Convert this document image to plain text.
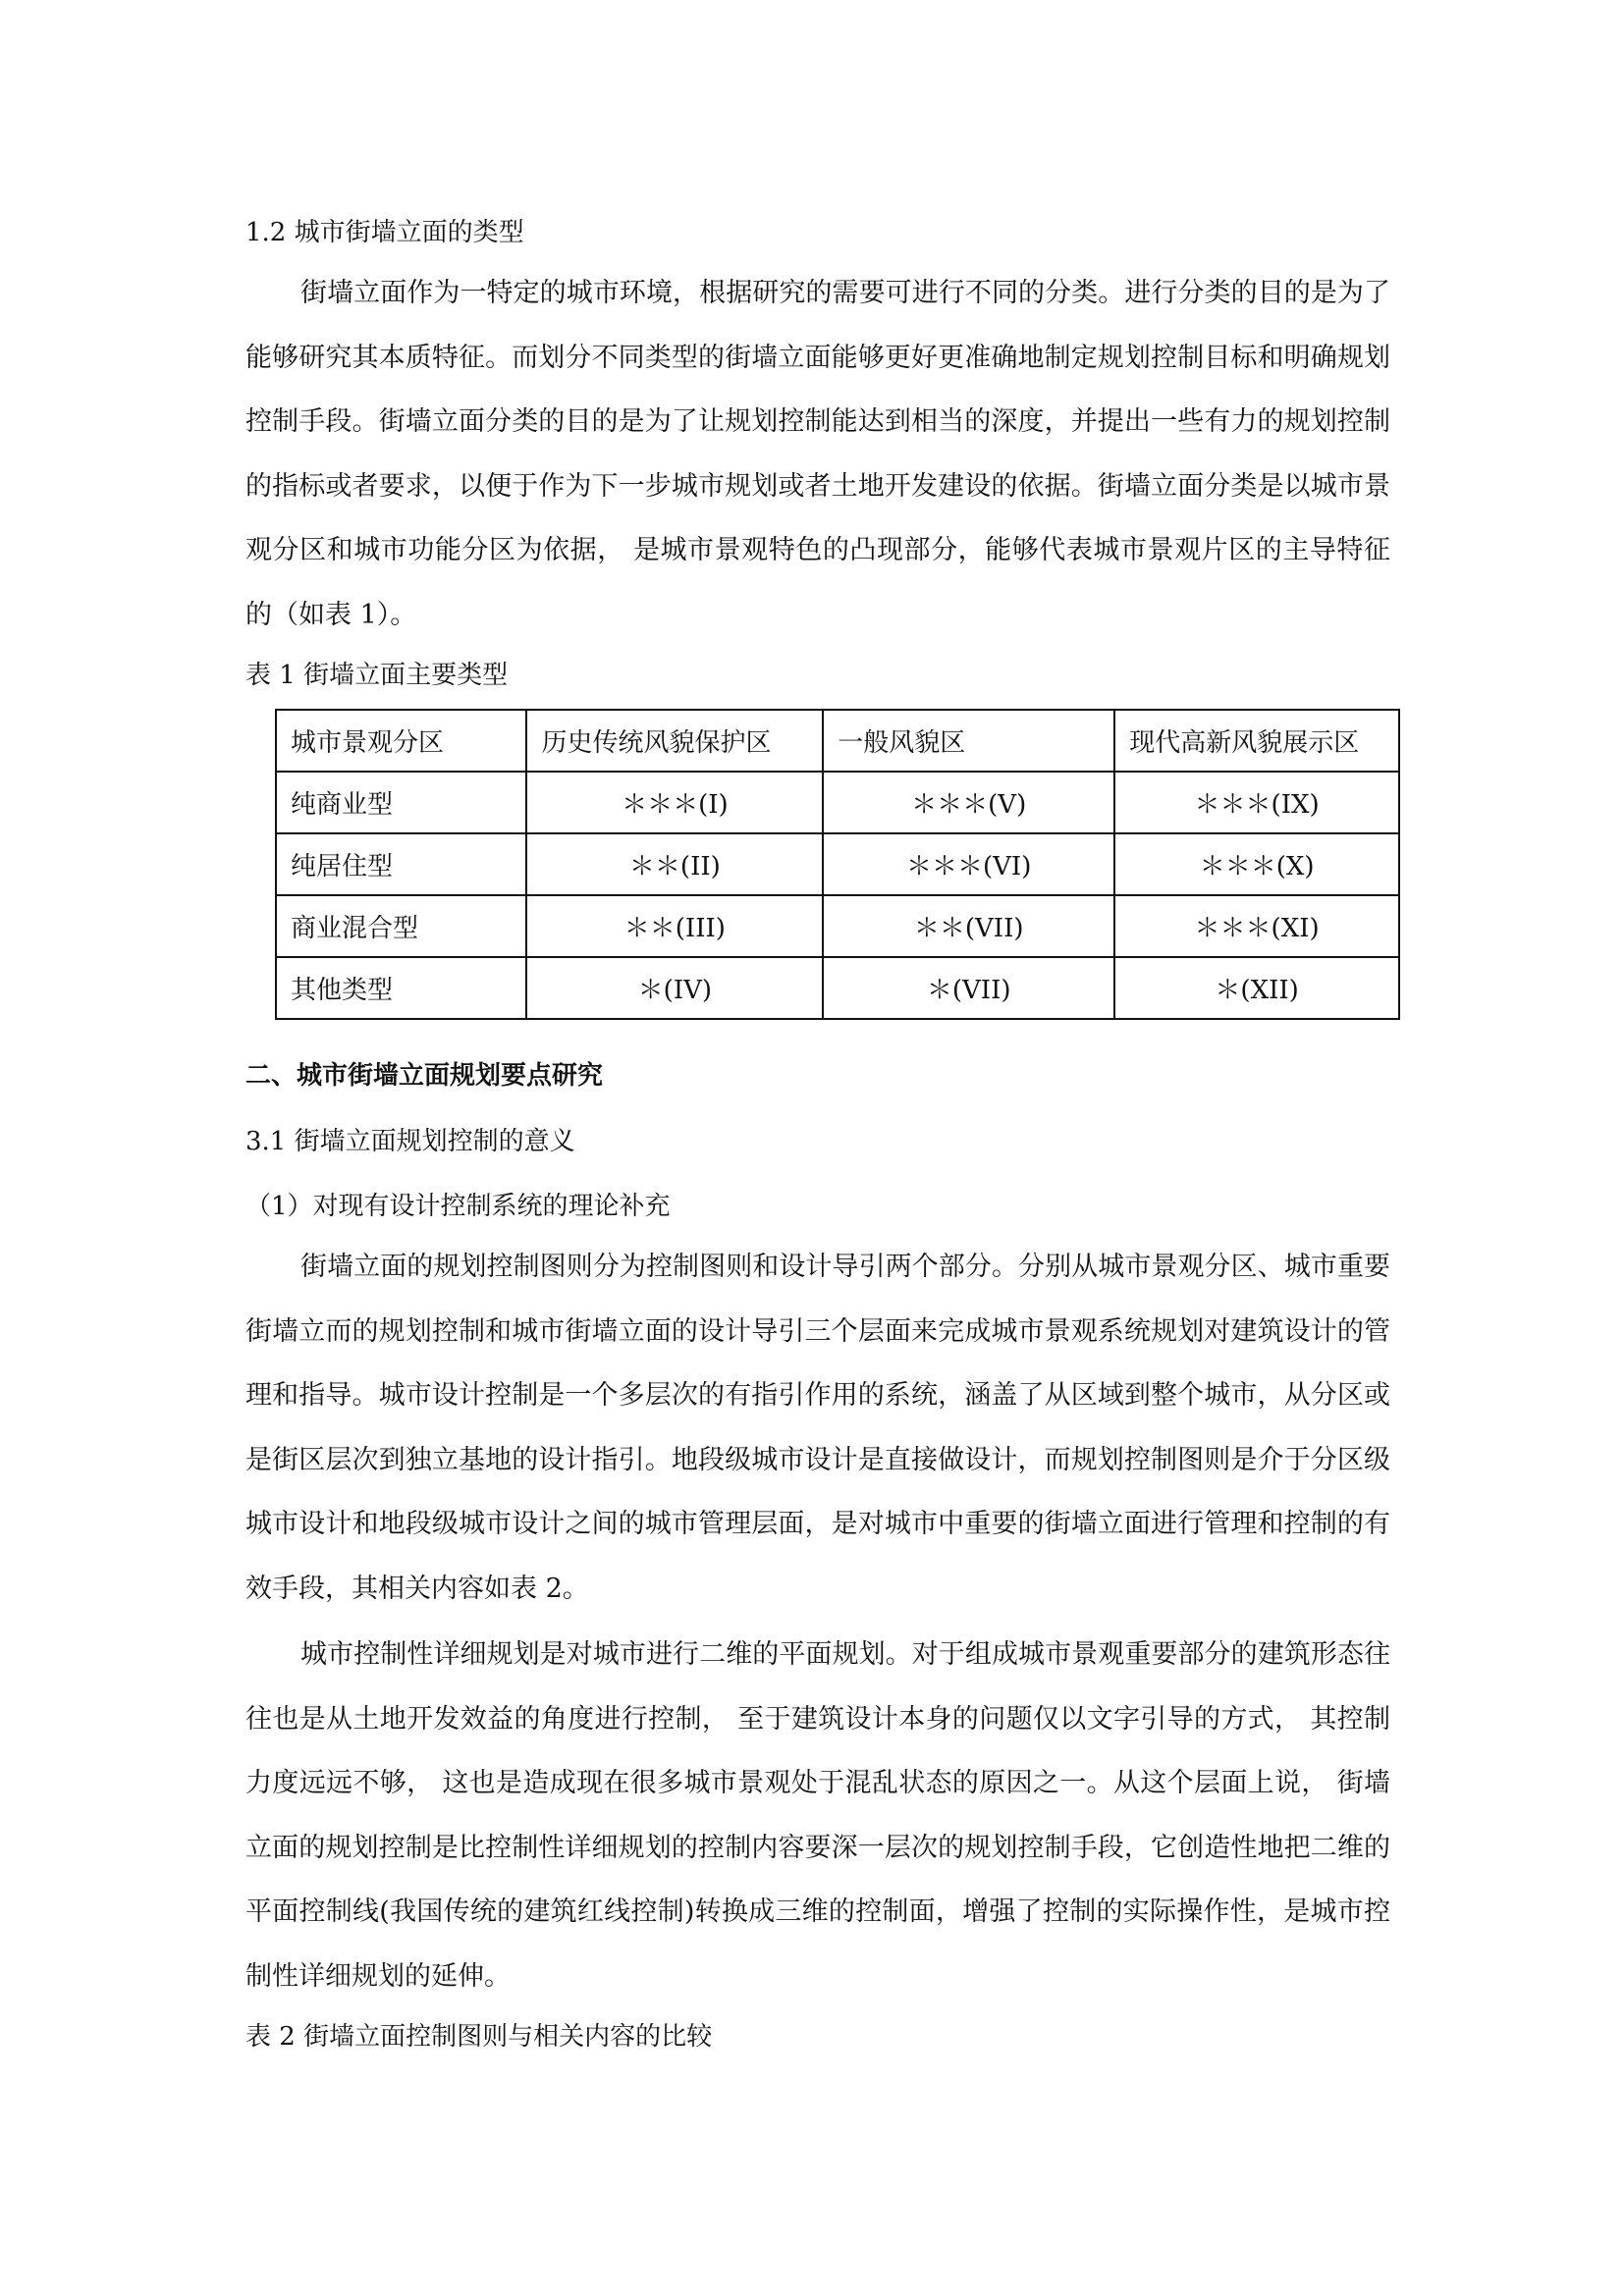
1.2 城市街墙立面的类型
街墙立面作为一特定的城市环境，根据研究的需要可进行不同的分类。进行分类的目的是为了能够研究其本质特征。而划分不同类型的街墙立面能够更好更准确地制定规划控制目标和明确规划控制手段。街墙立面分类的目的是为了让规划控制能达到相当的深度，并提出一些有力的规划控制的指标或者要求，以便于作为下一步城市规划或者土地开发建设的依据。街墙立面分类是以城市景观分区和城市功能分区为依据， 是城市景观特色的凸现部分，能够代表城市景观片区的主导特征的（如表 1）。
表 1 街墙立面主要类型
城市景观分区	历史传统风貌保护区	一般风貌区	现代高新风貌展示区
纯商业型	＊＊＊(I)	＊＊＊(V)	＊＊＊(IX)
纯居住型	＊＊(II)	＊＊＊(VI)	＊＊＊(X)
商业混合型	＊＊(III)	＊＊(VII)	＊＊＊(XI)
其他类型	＊(IV)	＊(VII)	＊(XII)
二、城市街墙立面规划要点研究
3.1 街墙立面规划控制的意义
（1）对现有设计控制系统的理论补充
街墙立面的规划控制图则分为控制图则和设计导引两个部分。分别从城市景观分区、城市重要街墙立而的规划控制和城市街墙立面的设计导引三个层面来完成城市景观系统规划对建筑设计的管理和指导。城市设计控制是一个多层次的有指引作用的系统，涵盖了从区域到整个城市，从分区或是街区层次到独立基地的设计指引。地段级城市设计是直接做设计，而规划控制图则是介于分区级城市设计和地段级城市设计之间的城市管理层面，是对城市中重要的街墙立面进行管理和控制的有效手段，其相关内容如表 2。
城市控制性详细规划是对城市进行二维的平面规划。对于组成城市景观重要部分的建筑形态往往也是从土地开发效益的角度进行控制， 至于建筑设计本身的问题仅以文字引导的方式， 其控制力度远远不够， 这也是造成现在很多城市景观处于混乱状态的原因之一。从这个层面上说， 街墙立面的规划控制是比控制性详细规划的控制内容要深一层次的规划控制手段，它创造性地把二维的平面控制线(我国传统的建筑红线控制)转换成三维的控制面，增强了控制的实际操作性，是城市控制性详细规划的延伸。
表 2 街墙立面控制图则与相关内容的比较
